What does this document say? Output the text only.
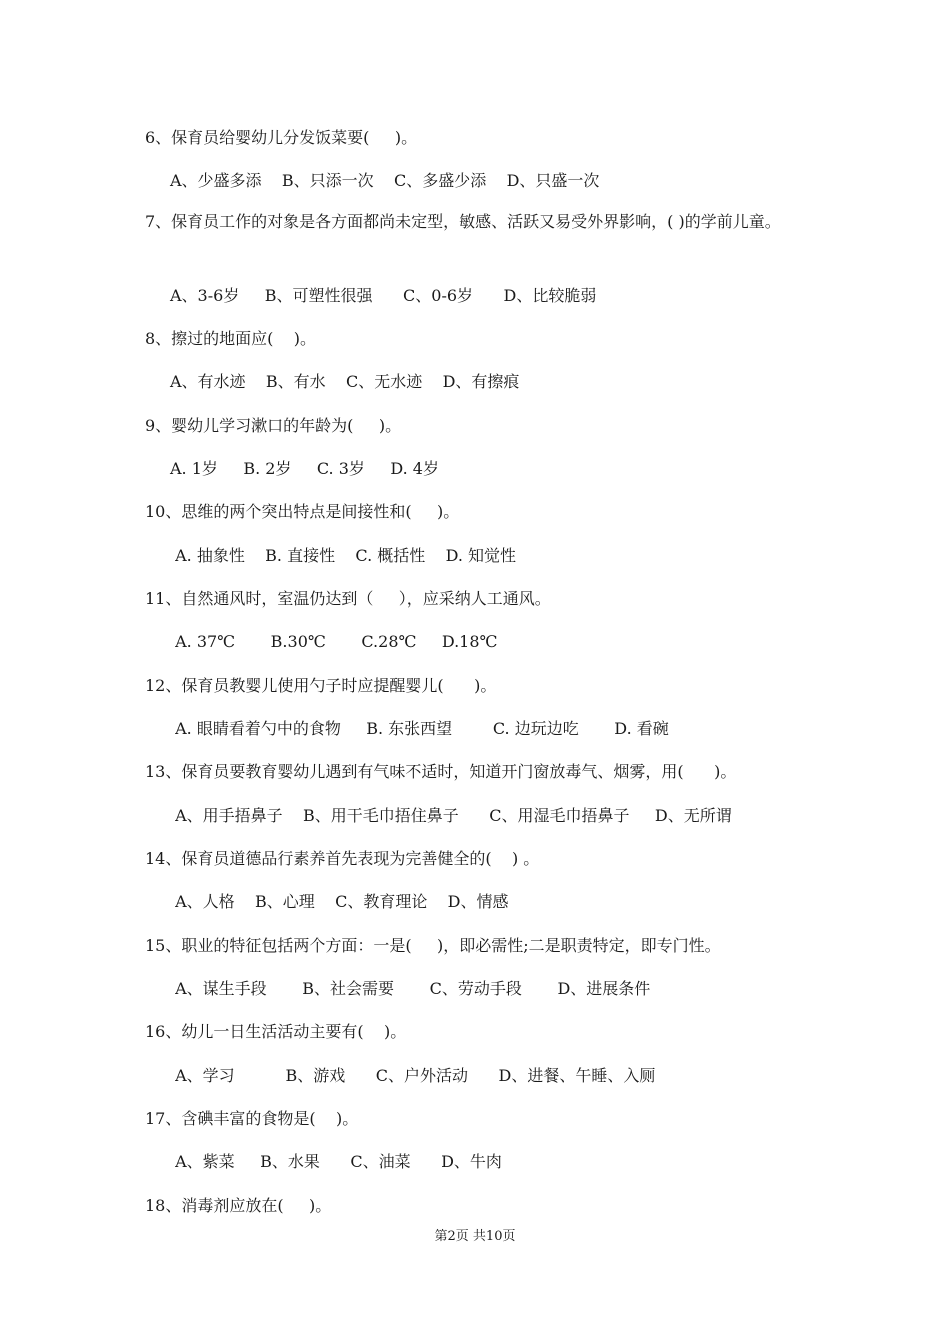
6、保育员给婴幼儿分发饭菜要(     )。
A、少盛多添    B、只添一次    C、多盛少添    D、只盛一次
7、保育员工作的对象是各方面都尚未定型，敏感、活跃又易受外界影响，( )的学前儿童。
A、3-6岁     B、可塑性很强      C、0-6岁      D、比较脆弱
8、擦过的地面应(    )。
A、有水迹    B、有水    C、无水迹    D、有擦痕
9、婴幼儿学习漱口的年龄为(     )。
A. 1岁     B. 2岁     C. 3岁     D. 4岁
10、思维的两个突出特点是间接性和(     )。
A. 抽象性    B. 直接性    C. 概括性    D. 知觉性
11、自然通风时，室温仍达到（     ），应采纳人工通风。
A. 37℃       B.30℃       C.28℃     D.18℃
12、保育员教婴儿使用勺子时应提醒婴儿(      )。
A. 眼睛看着勺中的食物     B. 东张西望        C. 边玩边吃       D. 看碗
13、保育员要教育婴幼儿遇到有气味不适时，知道开门窗放毒气、烟雾，用(      )。
A、用手捂鼻子    B、用干毛巾捂住鼻子      C、用湿毛巾捂鼻子     D、无所谓
14、保育员道德品行素养首先表现为完善健全的(    ) 。
A、人格    B、心理    C、教育理论    D、情感
15、职业的特征包括两个方面：一是(     )，即必需性;二是职责特定，即专门性。
A、谋生手段       B、社会需要       C、劳动手段       D、进展条件
16、幼儿一日生活活动主要有(    )。
A、学习          B、游戏      C、户外活动      D、进餐、午睡、入厕
17、含碘丰富的食物是(    )。
A、紫菜     B、水果      C、油菜      D、牛肉
18、消毒剂应放在(     )。
第2页 共10页
